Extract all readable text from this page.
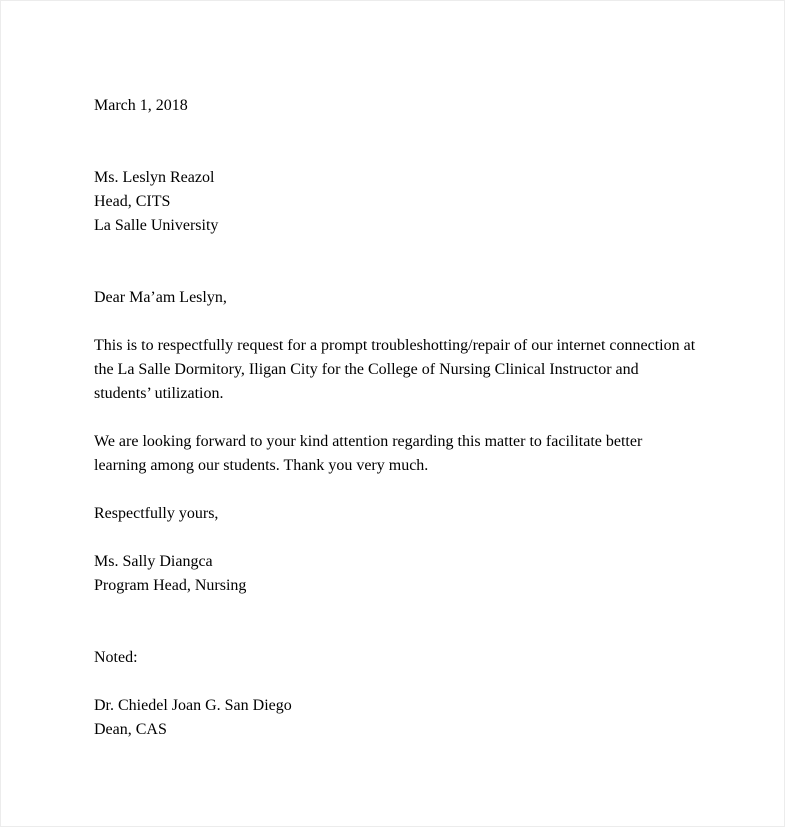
March 1, 2018

Ms. Leslyn Reazol
Head, CITS
La Salle University

Dear Ma’am Leslyn,

This is to respectfully request for a prompt troubleshotting/repair of our internet connection at the La Salle Dormitory, Iligan City for the College of Nursing Clinical Instructor and students’ utilization.

We are looking forward to your kind attention regarding this matter to facilitate better learning among our students. Thank you very much.

Respectfully yours,

Ms. Sally Diangca
Program Head, Nursing

Noted:

Dr. Chiedel Joan G. San Diego
Dean, CAS
